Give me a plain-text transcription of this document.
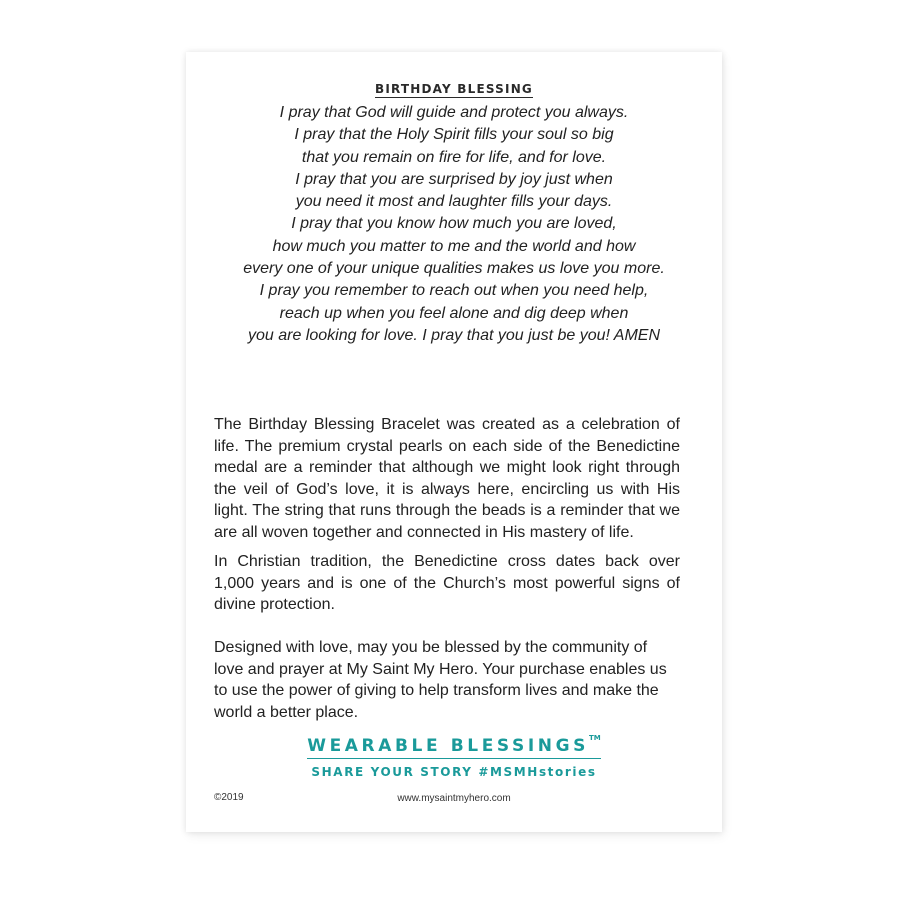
BIRTHDAY BLESSING
I pray that God will guide and protect you always.
I pray that the Holy Spirit fills your soul so big
that you remain on fire for life, and for love.
I pray that you are surprised by joy just when
you need it most and laughter fills your days.
I pray that you know how much you are loved,
how much you matter to me and the world and how
every one of your unique qualities makes us love you more.
I pray you remember to reach out when you need help,
reach up when you feel alone and dig deep when
you are looking for love. I pray that you just be you! AMEN
The Birthday Blessing Bracelet was created as a celebration of life. The premium crystal pearls on each side of the Benedictine medal are a reminder that although we might look right through the veil of God’s love, it is always here, encircling us with His light. The string that runs through the beads is a reminder that we are all woven together and connected in His mastery of life.
In Christian tradition, the Benedictine cross dates back over 1,000 years and is one of the Church’s most powerful signs of divine protection.
Designed with love, may you be blessed by the community of love and prayer at My Saint My Hero. Your purchase enables us to use the power of giving to help transform lives and make the world a better place.
WEARABLE BLESSINGS™
SHARE YOUR STORY #MSMHstories
©2019	www.mysaintmyhero.com
